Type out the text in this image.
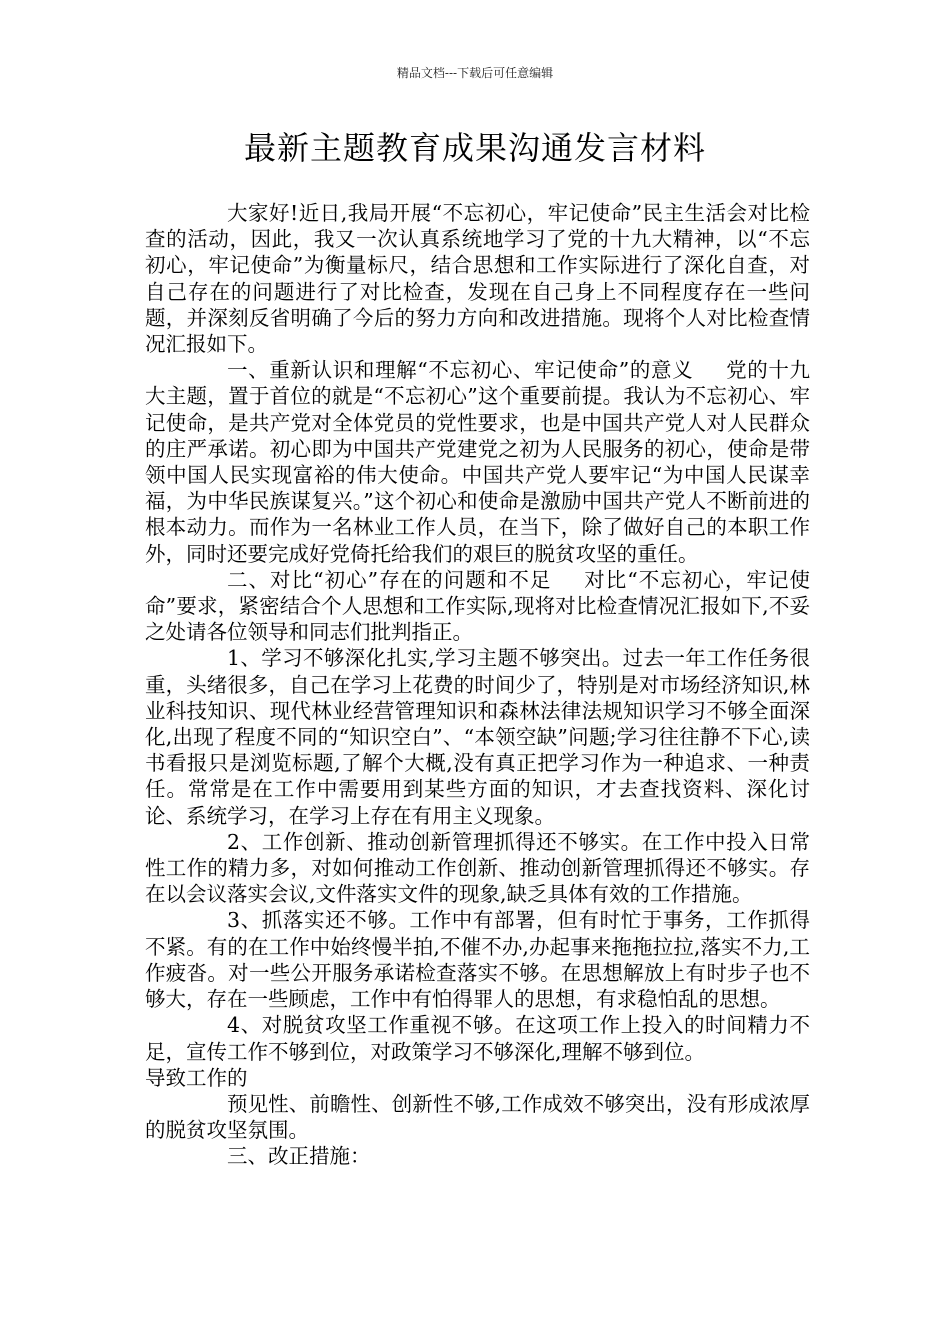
精品文档---下载后可任意编辑
最新主题教育成果沟通发言材料

大家好!近日,我局开展“不忘初心，牢记使命”民主生活会对比检查的活动，因此，我又一次认真系统地学习了党的十九大精神，以“不忘初心，牢记使命”为衡量标尺，结合思想和工作实际进行了深化自查，对自己存在的问题进行了对比检查，发现在自己身上不同程度存在一些问题，并深刻反省明确了今后的努力方向和改进措施。现将个人对比检查情况汇报如下。

一、重新认识和理解“不忘初心、牢记使命”的意义 党的十九大主题，置于首位的就是“不忘初心”这个重要前提。我认为不忘初心、牢记使命，是共产党对全体党员的党性要求，也是中国共产党人对人民群众的庄严承诺。初心即为中国共产党建党之初为人民服务的初心，使命是带领中国人民实现富裕的伟大使命。中国共产党人要牢记“为中国人民谋幸福，为中华民族谋复兴。”这个初心和使命是激励中国共产党人不断前进的根本动力。而作为一名林业工作人员，在当下，除了做好自己的本职工作外，同时还要完成好党倚托给我们的艰巨的脱贫攻坚的重任。

二、对比“初心”存在的问题和不足 对比“不忘初心，牢记使命”要求，紧密结合个人思想和工作实际,现将对比检查情况汇报如下,不妥之处请各位领导和同志们批判指正。

1、学习不够深化扎实,学习主题不够突出。过去一年工作任务很重，头绪很多，自己在学习上花费的时间少了，特别是对市场经济知识,林业科技知识、现代林业经营管理知识和森林法律法规知识学习不够全面深化,出现了程度不同的“知识空白”、“本领空缺”问题;学习往往静不下心,读书看报只是浏览标题,了解个大概,没有真正把学习作为一种追求、一种责任。常常是在工作中需要用到某些方面的知识，才去查找资料、深化讨论、系统学习，在学习上存在有用主义现象。

2、工作创新、推动创新管理抓得还不够实。在工作中投入日常性工作的精力多，对如何推动工作创新、推动创新管理抓得还不够实。存在以会议落实会议,文件落实文件的现象,缺乏具体有效的工作措施。

3、抓落实还不够。工作中有部署，但有时忙于事务，工作抓得不紧。有的在工作中始终慢半拍,不催不办,办起事来拖拖拉拉,落实不力,工作疲沓。对一些公开服务承诺检查落实不够。在思想解放上有时步子也不够大，存在一些顾虑，工作中有怕得罪人的思想，有求稳怕乱的思想。

4、对脱贫攻坚工作重视不够。在这项工作上投入的时间精力不足，宣传工作不够到位，对政策学习不够深化,理解不够到位。

导致工作的

预见性、前瞻性、创新性不够,工作成效不够突出，没有形成浓厚的脱贫攻坚氛围。

三、改正措施：
